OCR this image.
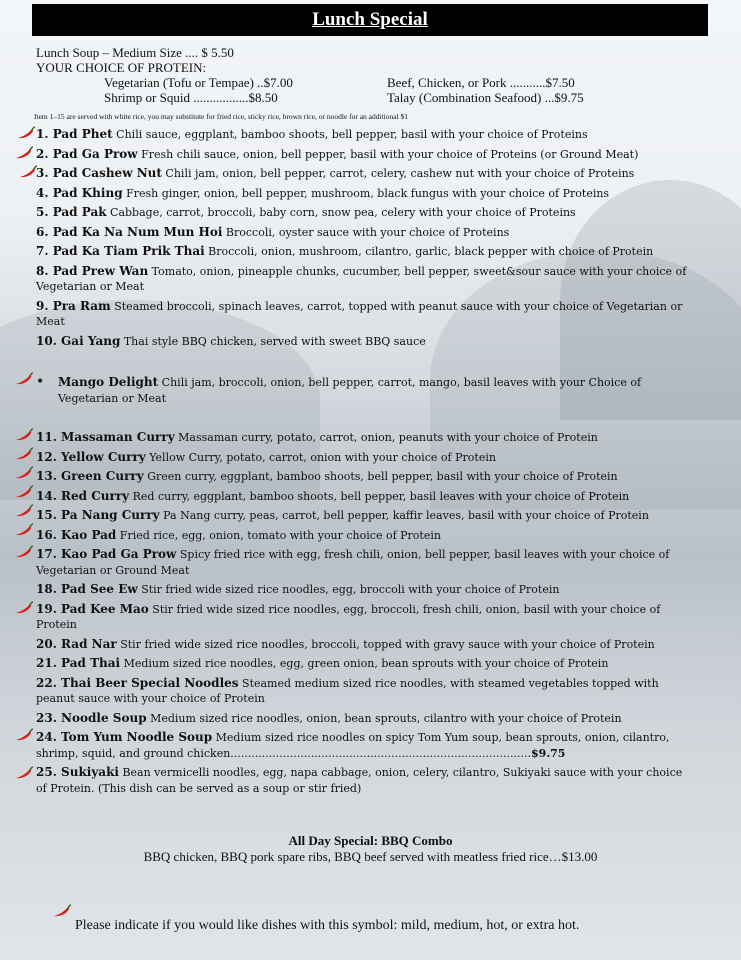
Lunch Special
Lunch Soup – Medium Size .... $ 5.50
YOUR CHOICE OF PROTEIN:
Vegetarian (Tofu or Tempae) ..$7.00	Beef, Chicken, or Pork ...........$7.50
Shrimp or Squid .................$8.50	Talay (Combination Seafood) ...$9.75
Item 1–15 are served with white rice, you may substitute for fried rice, sticky rice, brown rice, or noodle for an additional $1
1. Pad Phet Chili sauce, eggplant, bamboo shoots, bell pepper, basil with your choice of Proteins
2. Pad Ga Prow Fresh chili sauce, onion, bell pepper, basil with your choice of Proteins (or Ground Meat)
3. Pad Cashew Nut Chili jam, onion, bell pepper, carrot, celery, cashew nut with your choice of Proteins
4. Pad Khing Fresh ginger, onion, bell pepper, mushroom, black fungus with your choice of Proteins
5. Pad Pak Cabbage, carrot, broccoli, baby corn, snow pea, celery with your choice of Proteins
6. Pad Ka Na Num Mun Hoi Broccoli, oyster sauce with your choice of Proteins
7. Pad Ka Tiam Prik Thai Broccoli, onion, mushroom, cilantro, garlic, black pepper with choice of Protein
8. Pad Prew Wan Tomato, onion, pineapple chunks, cucumber, bell pepper, sweet&sour sauce with your choice of Vegetarian or Meat
9. Pra Ram Steamed broccoli, spinach leaves, carrot, topped with peanut sauce with your choice of Vegetarian or Meat
10. Gai Yang Thai style BBQ chicken, served with sweet BBQ sauce
•	Mango Delight Chili jam, broccoli, onion, bell pepper, carrot, mango, basil leaves with your Choice of Vegetarian or Meat
11. Massaman Curry Massaman curry, potato, carrot, onion, peanuts with your choice of Protein
12. Yellow Curry Yellow Curry, potato, carrot, onion with your choice of Protein
13. Green Curry Green curry, eggplant, bamboo shoots, bell pepper, basil with your choice of Protein
14. Red Curry Red curry, eggplant, bamboo shoots, bell pepper, basil leaves with your choice of Protein
15. Pa Nang Curry Pa Nang curry, peas, carrot, bell pepper, kaffir leaves, basil with your choice of Protein
16. Kao Pad Fried rice, egg, onion, tomato with your choice of Protein
17. Kao Pad Ga Prow Spicy fried rice with egg, fresh chili, onion, bell pepper, basil leaves with your choice of Vegetarian or Ground Meat
18. Pad See Ew Stir fried wide sized rice noodles, egg, broccoli with your choice of Protein
19. Pad Kee Mao Stir fried wide sized rice noodles, egg, broccoli, fresh chili, onion, basil with your choice of Protein
20. Rad Nar Stir fried wide sized rice noodles, broccoli, topped with gravy sauce with your choice of Protein
21. Pad Thai Medium sized rice noodles, egg, green onion, bean sprouts with your choice of Protein
22. Thai Beer Special Noodles Steamed medium sized rice noodles, with steamed vegetables topped with peanut sauce with your choice of Protein
23. Noodle Soup Medium sized rice noodles, onion, bean sprouts, cilantro with your choice of Protein
24. Tom Yum Noodle Soup Medium sized rice noodles on spicy Tom Yum soup, bean sprouts, onion, cilantro, shrimp, squid, and ground chicken......................................................................................$9.75
25. Sukiyaki Bean vermicelli noodles, egg, napa cabbage, onion, celery, cilantro, Sukiyaki sauce with your choice of Protein. (This dish can be served as a soup or stir fried)
All Day Special: BBQ Combo
BBQ chicken, BBQ pork spare ribs, BBQ beef served with meatless fried rice…$13.00
Please indicate if you would like dishes with this symbol: mild, medium, hot, or extra hot.
